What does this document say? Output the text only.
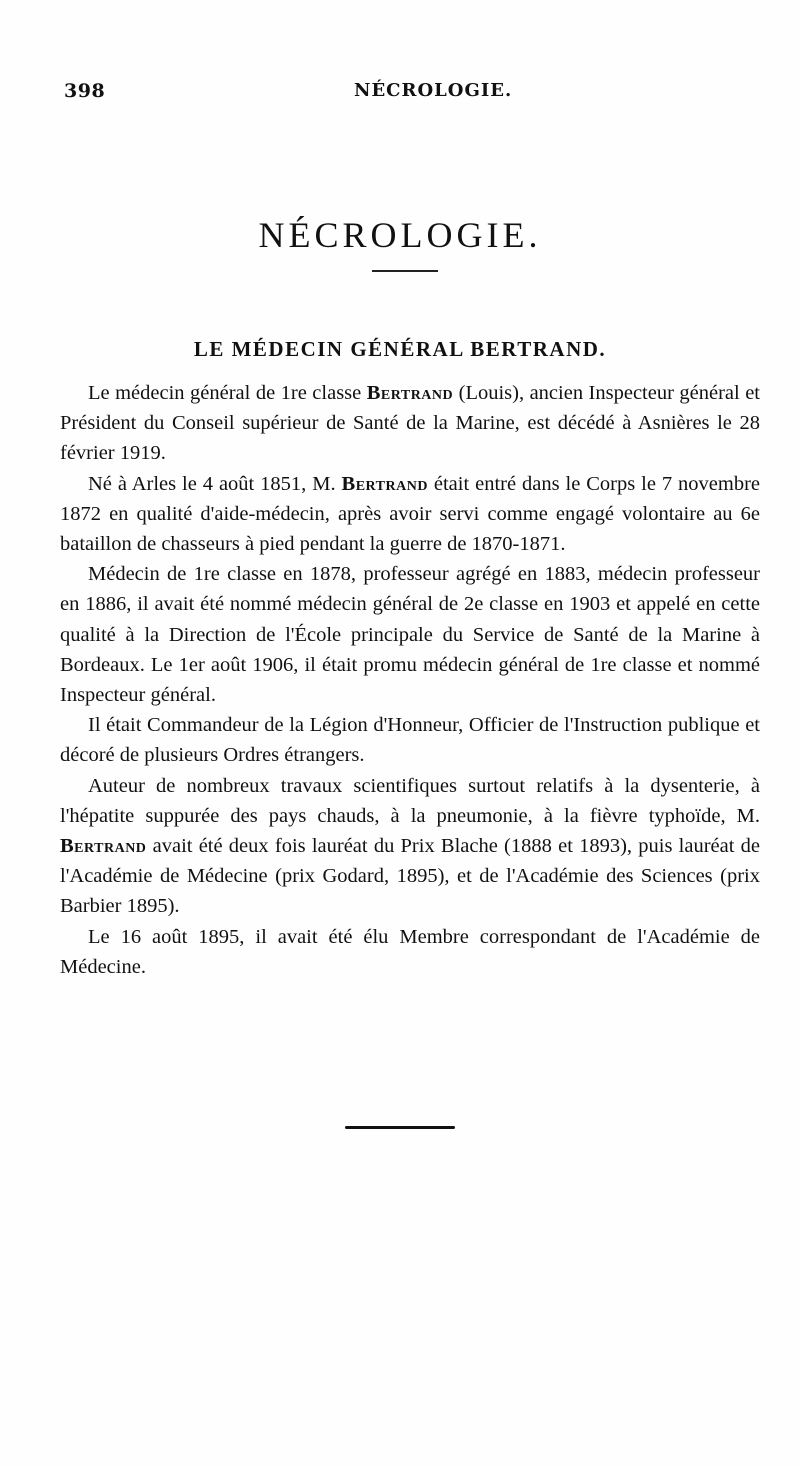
398	NÉCROLOGIE.
NÉCROLOGIE.
LE MÉDECIN GÉNÉRAL BERTRAND.

Le médecin général de 1re classe Bertrand (Louis), ancien Inspecteur général et Président du Conseil supérieur de Santé de la Marine, est décédé à Asnières le 28 février 1919.

Né à Arles le 4 août 1851, M. Bertrand était entré dans le Corps le 7 novembre 1872 en qualité d'aide-médecin, après avoir servi comme engagé volontaire au 6e bataillon de chasseurs à pied pendant la guerre de 1870-1871.

Médecin de 1re classe en 1878, professeur agrégé en 1883, médecin professeur en 1886, il avait été nommé médecin général de 2e classe en 1903 et appelé en cette qualité à la Direction de l'École principale du Service de Santé de la Marine à Bordeaux. Le 1er août 1906, il était promu médecin général de 1re classe et nommé Inspecteur général.

Il était Commandeur de la Légion d'Honneur, Officier de l'Instruction publique et décoré de plusieurs Ordres étrangers.

Auteur de nombreux travaux scientifiques surtout relatifs à la dysenterie, à l'hépatite suppurée des pays chauds, à la pneumonie, à la fièvre typhoïde, M. Bertrand avait été deux fois lauréat du Prix Blache (1888 et 1893), puis lauréat de l'Académie de Médecine (prix Godard, 1895), et de l'Académie des Sciences (prix Barbier 1895).

Le 16 août 1895, il avait été élu Membre correspondant de l'Académie de Médecine.
